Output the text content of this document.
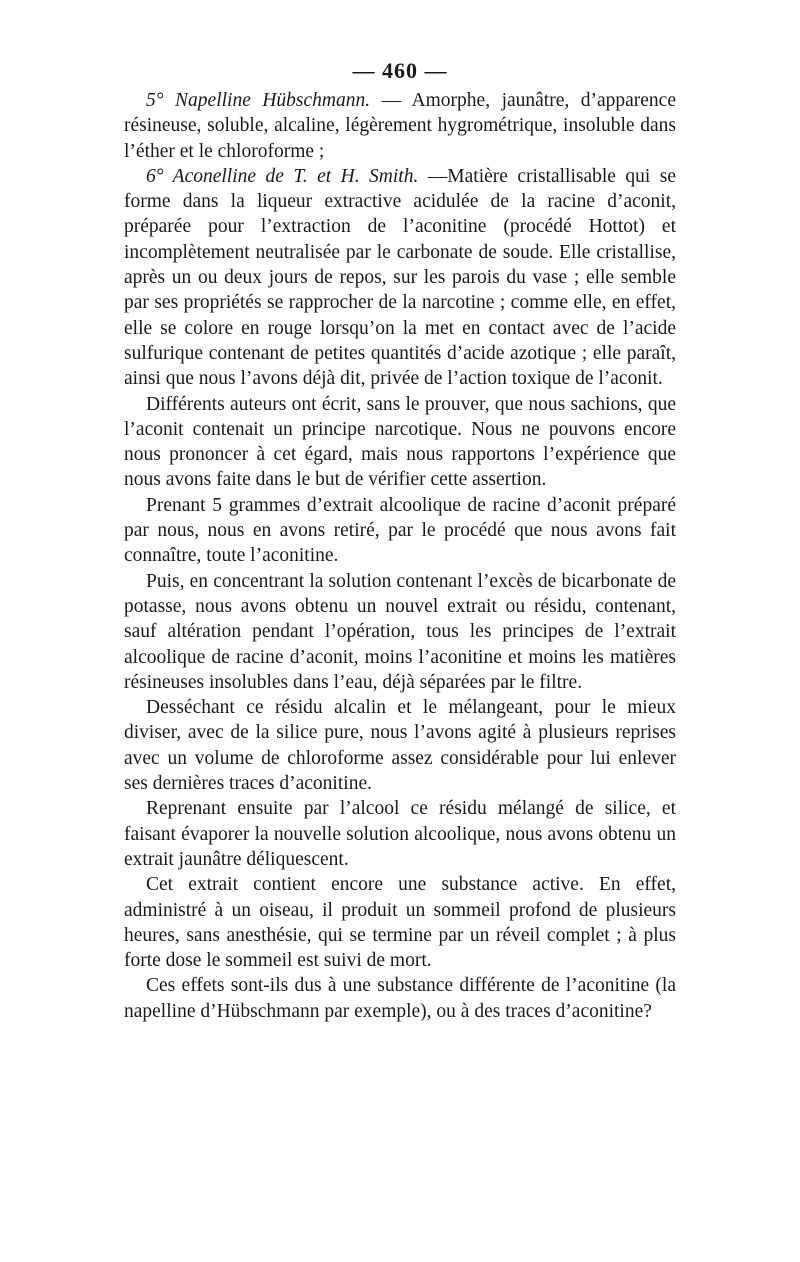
— 460 —

5° Napelline Hübschmann. — Amorphe, jaunâtre, d’apparence résineuse, soluble, alcaline, légèrement hygrométrique, insoluble dans l’éther et le chloroforme ;

6° Aconelline de T. et H. Smith. —Matière cristallisable qui se forme dans la liqueur extractive acidulée de la racine d’aconit, préparée pour l’extraction de l’aconitine (procédé Hottot) et incomplètement neutralisée par le carbonate de soude. Elle cristallise, après un ou deux jours de repos, sur les parois du vase ; elle semble par ses propriétés se rapprocher de la narcotine ; comme elle, en effet, elle se colore en rouge lorsqu’on la met en contact avec de l’acide sulfurique contenant de petites quantités d’acide azotique ; elle paraît, ainsi que nous l’avons déjà dit, privée de l’action toxique de l’aconit.

Différents auteurs ont écrit, sans le prouver, que nous sachions, que l’aconit contenait un principe narcotique. Nous ne pouvons encore nous prononcer à cet égard, mais nous rapportons l’expérience que nous avons faite dans le but de vérifier cette assertion.

Prenant 5 grammes d’extrait alcoolique de racine d’aconit préparé par nous, nous en avons retiré, par le procédé que nous avons fait connaître, toute l’aconitine.

Puis, en concentrant la solution contenant l’excès de bicarbonate de potasse, nous avons obtenu un nouvel extrait ou résidu, contenant, sauf altération pendant l’opération, tous les principes de l’extrait alcoolique de racine d’aconit, moins l’aconitine et moins les matières résineuses insolubles dans l’eau, déjà séparées par le filtre.

Desséchant ce résidu alcalin et le mélangeant, pour le mieux diviser, avec de la silice pure, nous l’avons agité à plusieurs reprises avec un volume de chloroforme assez considérable pour lui enlever ses dernières traces d’aconitine.

Reprenant ensuite par l’alcool ce résidu mélangé de silice, et faisant évaporer la nouvelle solution alcoolique, nous avons obtenu un extrait jaunâtre déliquescent.

Cet extrait contient encore une substance active. En effet, administré à un oiseau, il produit un sommeil profond de plusieurs heures, sans anesthésie, qui se termine par un réveil complet ; à plus forte dose le sommeil est suivi de mort.

Ces effets sont-ils dus à une substance différente de l’aconitine (la napelline d’Hübschmann par exemple), ou à des traces d’aconitine?
